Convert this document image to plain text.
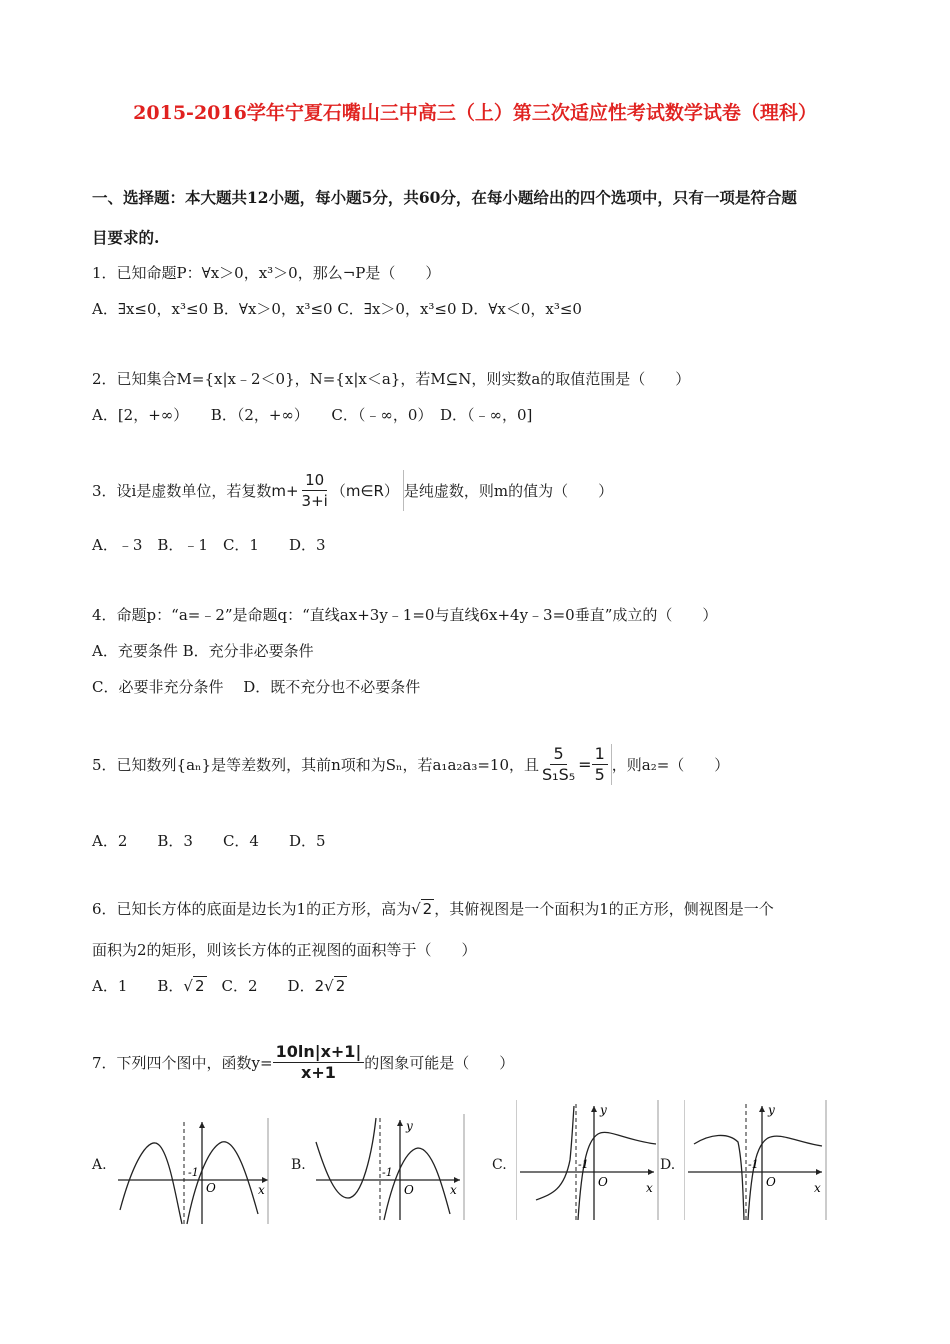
2015-2016学年宁夏石嘴山三中高三（上）第三次适应性考试数学试卷（理科）
一、选择题：本大题共12小题，每小题5分，共60分，在每小题给出的四个选项中，只有一项是符合题
目要求的.
1．已知命题P：∀x＞0，x³＞0，那么¬P是（　　）
A．∃x≤0，x³≤0 B．∀x＞0，x³≤0 C．∃x＞0，x³≤0 D．∀x＜0，x³≤0
2．已知集合M={x|x﹣2＜0}，N={x|x＜a}，若M⊆N，则实数a的取值范围是（　　）
A．[2，+∞）　　B．（2，+∞）　　C．（﹣∞，0）　D．（﹣∞，0]
3．设i是虚数单位，若复数 $m+ \frac{10}{3+i}$ （m∈R） 是纯虚数，则m的值为（　　）
A．﹣3　B．﹣1　C．1　　D．3
4．命题p：“a=﹣2”是命题q：“直线ax+3y﹣1=0与直线6x+4y﹣3=0垂直”成立的（　　）
A．充要条件 B．充分非必要条件
C．必要非充分条件　 D．既不充分也不必要条件
5．已知数列{aₙ}是等差数列，其前n项和为Sₙ，若a₁a₂a₃=10，且 $\frac{5}{\text{S₁S₅}} = \frac{1}{5}$ ，则a₂=（　　）
A．2　　B．3　　C．4　　D．5
6．已知长方体的底面是边长为1的正方形，高为 √ 2 ，其俯视图是一个面积为1的正方形，侧视图是一个
面积为2的矩形，则该长方体的正视图的面积等于（　　）
A．1　　B． √ 2 　C．2　　D． 2√ 2
7．下列四个图中，函数$y= \frac{10\ln|x+1|}{x+1}$ 的图象可能是（　　）
A.	B.	C.	D.
-1
O	x
-1
O	x
y
-1
O	x
y
-1
O	x
y
